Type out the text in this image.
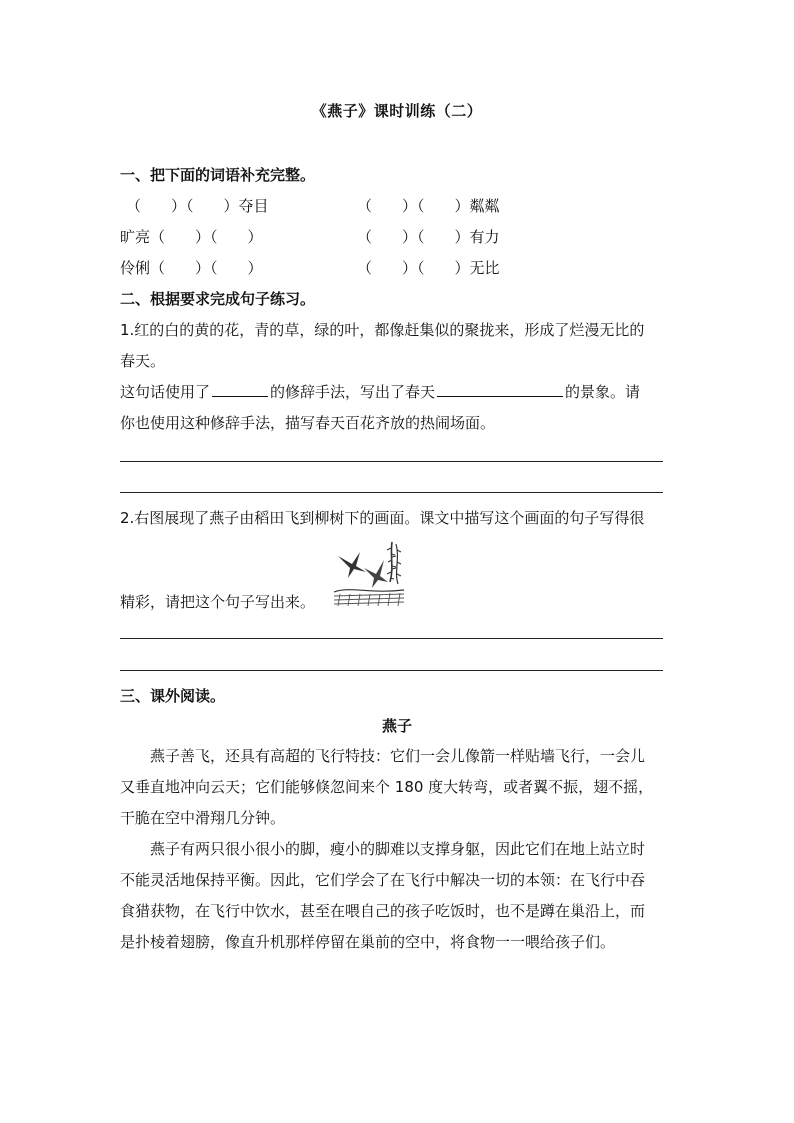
《燕子》课时训练（二）
一、把下面的词语补充完整。
（　　）（　　）夺目	（　　）（　　）粼粼
旷亮（　　）（　　）	（　　）（　　）有力
伶俐（　　）（　　）	（　　）（　　）无比
二、根据要求完成句子练习。
1.红的白的黄的花，青的草，绿的叶，都像赶集似的聚拢来，形成了烂漫无比的
春天。
这句话使用了	的修辞手法，写出了春天	的景象。请
你也使用这种修辞手法，描写春天百花齐放的热闹场面。
2.右图展现了燕子由稻田飞到柳树下的画面。课文中描写这个画面的句子写得很
精彩，请把这个句子写出来。
三、课外阅读。
燕子
　　燕子善飞，还具有高超的飞行特技：它们一会儿像箭一样贴墙飞行，一会儿
又垂直地冲向云天；它们能够倏忽间来个 180 度大转弯，或者翼不振，翅不摇，
干脆在空中滑翔几分钟。
　　燕子有两只很小很小的脚，瘦小的脚难以支撑身躯，因此它们在地上站立时
不能灵活地保持平衡。因此，它们学会了在飞行中解决一切的本领：在飞行中吞
食猎获物，在飞行中饮水，甚至在喂自己的孩子吃饭时，也不是蹲在巢沿上，而
是扑棱着翅膀，像直升机那样停留在巢前的空中，将食物一一喂给孩子们。
